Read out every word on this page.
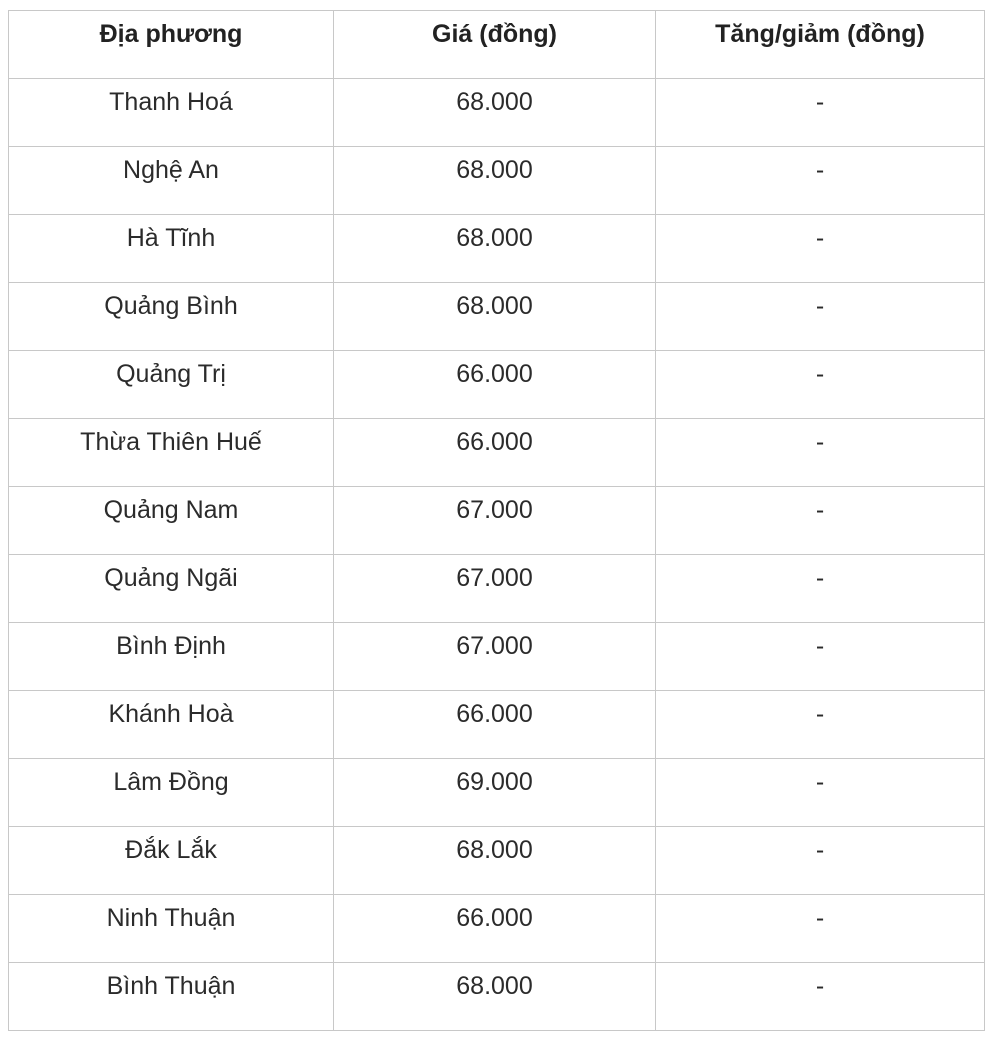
Địa phương	Giá (đồng)	Tăng/giảm (đồng)
Thanh Hoá	68.000	-
Nghệ An	68.000	-
Hà Tĩnh	68.000	-
Quảng Bình	68.000	-
Quảng Trị	66.000	-
Thừa Thiên Huế	66.000	-
Quảng Nam	67.000	-
Quảng Ngãi	67.000	-
Bình Định	67.000	-
Khánh Hoà	66.000	-
Lâm Đồng	69.000	-
Đắk Lắk	68.000	-
Ninh Thuận	66.000	-
Bình Thuận	68.000	-
